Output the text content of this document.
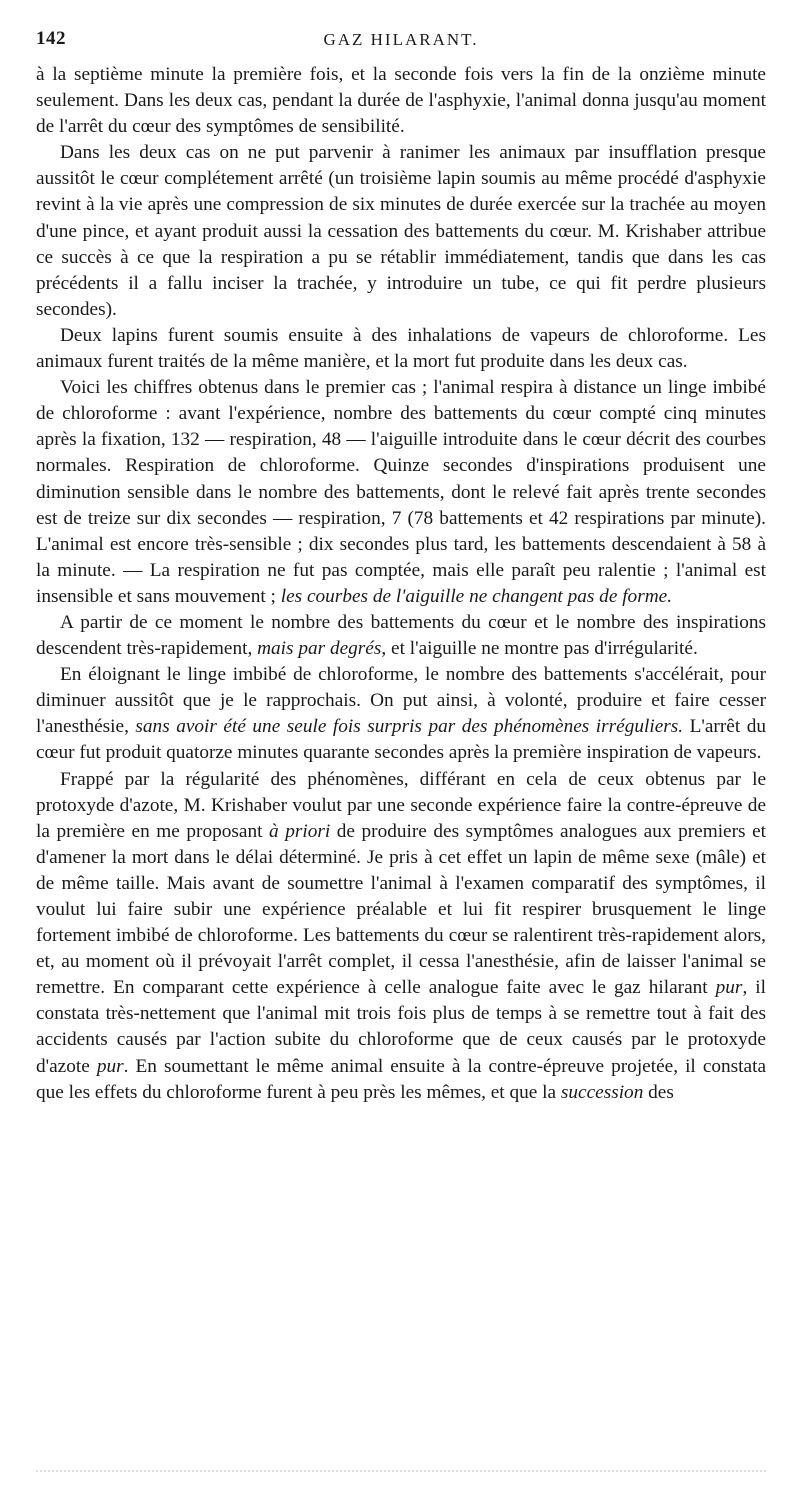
142	GAZ HILARANT.

à la septième minute la première fois, et la seconde fois vers la fin de la onzième minute seulement. Dans les deux cas, pendant la durée de l'asphyxie, l'animal donna jusqu'au moment de l'arrêt du cœur des symptômes de sensibilité.

Dans les deux cas on ne put parvenir à ranimer les animaux par insufflation presque aussitôt le cœur complétement arrêté (un troisième lapin soumis au même procédé d'asphyxie revint à la vie après une compression de six minutes de durée exercée sur la trachée au moyen d'une pince, et ayant produit aussi la cessation des battements du cœur. M. Krishaber attribue ce succès à ce que la respiration a pu se rétablir immédiatement, tandis que dans les cas précédents il a fallu inciser la trachée, y introduire un tube, ce qui fit perdre plusieurs secondes).

Deux lapins furent soumis ensuite à des inhalations de vapeurs de chloroforme. Les animaux furent traités de la même manière, et la mort fut produite dans les deux cas.

Voici les chiffres obtenus dans le premier cas ; l'animal respira à distance un linge imbibé de chloroforme : avant l'expérience, nombre des battements du cœur compté cinq minutes après la fixation, 132 — respiration, 48 — l'aiguille introduite dans le cœur décrit des courbes normales. Respiration de chloroforme. Quinze secondes d'inspirations produisent une diminution sensible dans le nombre des battements, dont le relevé fait après trente secondes est de treize sur dix secondes — respiration, 7 (78 battements et 42 respirations par minute). L'animal est encore très-sensible ; dix secondes plus tard, les battements descendaient à 58 à la minute. — La respiration ne fut pas comptée, mais elle paraît peu ralentie ; l'animal est insensible et sans mouvement ; les courbes de l'aiguille ne changent pas de forme.

A partir de ce moment le nombre des battements du cœur et le nombre des inspirations descendent très-rapidement, mais par degrés, et l'aiguille ne montre pas d'irrégularité.

En éloignant le linge imbibé de chloroforme, le nombre des battements s'accélérait, pour diminuer aussitôt que je le rapprochais. On put ainsi, à volonté, produire et faire cesser l'anesthésie, sans avoir été une seule fois surpris par des phénomènes irréguliers. L'arrêt du cœur fut produit quatorze minutes quarante secondes après la première inspiration de vapeurs.

Frappé par la régularité des phénomènes, différant en cela de ceux obtenus par le protoxyde d'azote, M. Krishaber voulut par une seconde expérience faire la contre-épreuve de la première en me proposant à priori de produire des symptômes analogues aux premiers et d'amener la mort dans le délai déterminé. Je pris à cet effet un lapin de même sexe (mâle) et de même taille. Mais avant de soumettre l'animal à l'examen comparatif des symptômes, il voulut lui faire subir une expérience préalable et lui fit respirer brusquement le linge fortement imbibé de chloroforme. Les battements du cœur se ralentirent très-rapidement alors, et, au moment où il prévoyait l'arrêt complet, il cessa l'anesthésie, afin de laisser l'animal se remettre. En comparant cette expérience à celle analogue faite avec le gaz hilarant pur, il constata très-nettement que l'animal mit trois fois plus de temps à se remettre tout à fait des accidents causés par l'action subite du chloroforme que de ceux causés par le protoxyde d'azote pur. En soumettant le même animal ensuite à la contre-épreuve projetée, il constata que les effets du chloroforme furent à peu près les mêmes, et que la succession des
